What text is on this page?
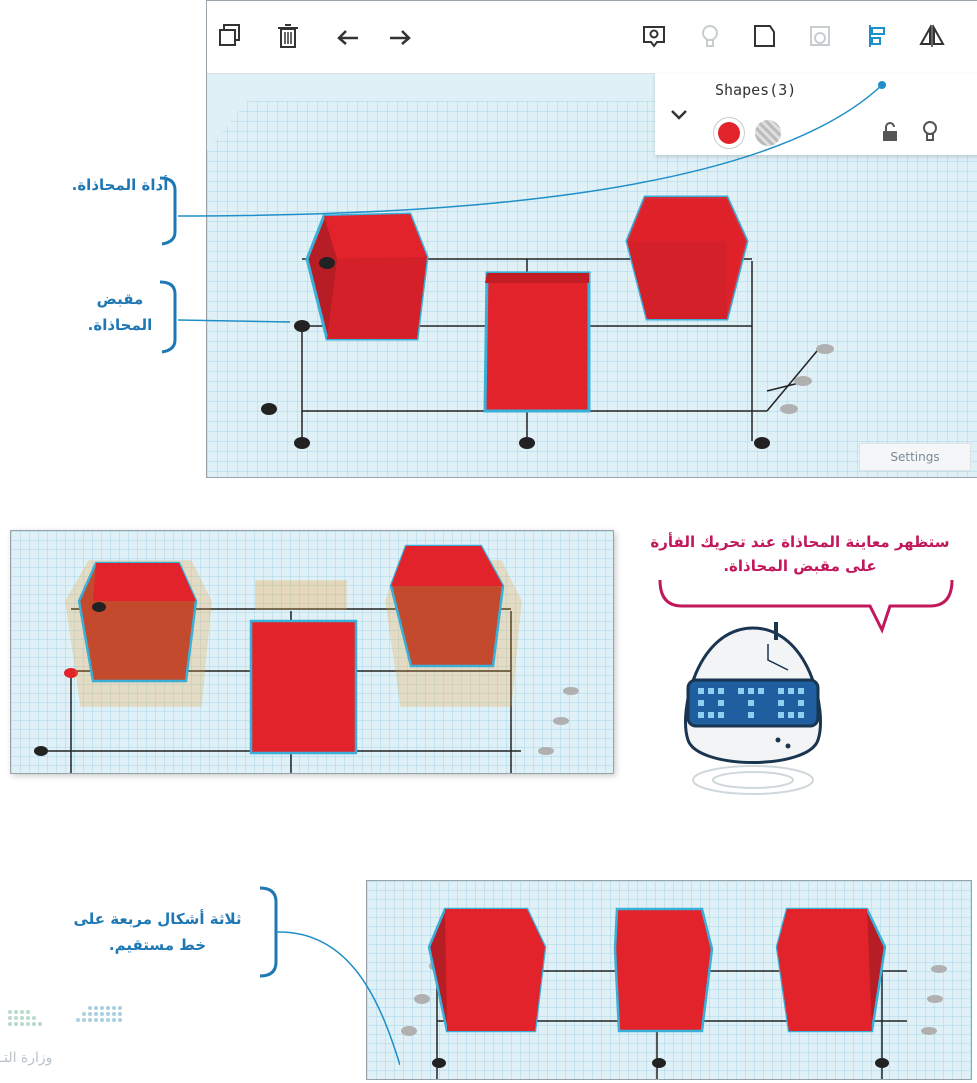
Shapes(3)
Settings
أداة المحاذاة.
مقبض المحاذاة.
ستظهر معاينة المحاذاة عند تحريك الفأرة على مقبض المحاذاة.
ثلاثة أشكال مربعة على خط مستقيم.
وزارة التـ
